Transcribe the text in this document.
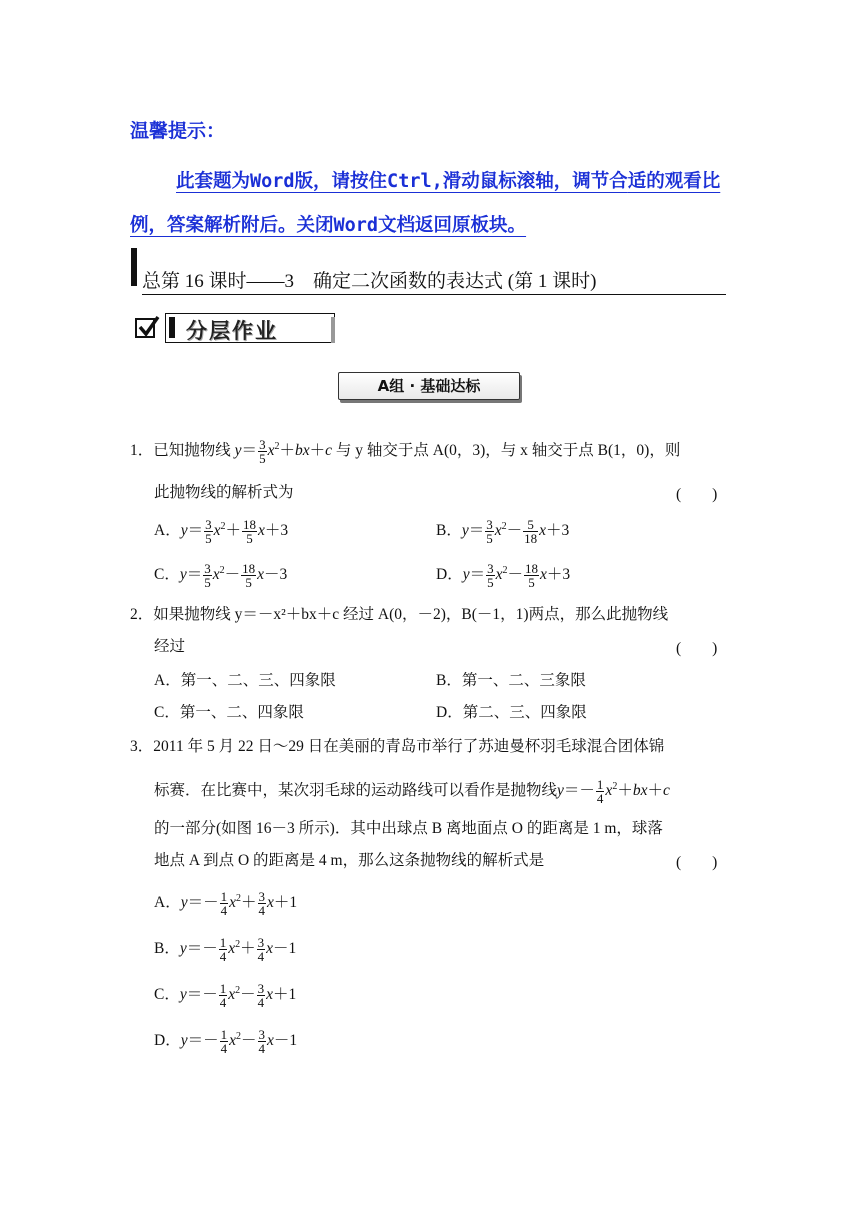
温馨提示：
此套题为Word版，请按住Ctrl,滑动鼠标滚轴，调节合适的观看比例，答案解析附后。关闭Word文档返回原板块。
总第 16 课时——3　确定二次函数的表达式 (第 1 课时)
分层作业
A组 · 基础达标
1．已知抛物线 $y= \frac{3}{5} x^2+bx+c$ 与 y 轴交于点 A(0，3)，与 x 轴交于点 B(1，0)，则
此抛物线的解析式为	(　　)
A．$y= \frac{3}{5} x^2+ \frac{18}{5} x+3$	B．$y= \frac{3}{5} x^2- \frac{5}{18} x+3$
C．$y= \frac{3}{5} x^2- \frac{18}{5} x-3$	D．$y= \frac{3}{5} x^2- \frac{18}{5} x+3$
2．如果抛物线 y＝－x²＋bx＋c 经过 A(0，－2)，B(－1，1)两点，那么此抛物线
经过	(　　)
A．第一、二、三、四象限	B．第一、二、三象限
C．第一、二、四象限	D．第二、三、四象限
3．2011 年 5 月 22 日～29 日在美丽的青岛市举行了苏迪曼杯羽毛球混合团体锦
标赛．在比赛中，某次羽毛球的运动路线可以看作是抛物线$y=- \frac{1}{4} x^2+bx+c$
的一部分(如图 16－3 所示)．其中出球点 B 离地面点 O 的距离是 1 m，球落
地点 A 到点 O 的距离是 4 m，那么这条抛物线的解析式是	(　　)
A．$y=- \frac{1}{4} x^2+ \frac{3}{4} x+1$
B．$y=- \frac{1}{4} x^2+ \frac{3}{4} x-1$
C．$y=- \frac{1}{4} x^2- \frac{3}{4} x+1$
D．$y=- \frac{1}{4} x^2- \frac{3}{4} x-1$
